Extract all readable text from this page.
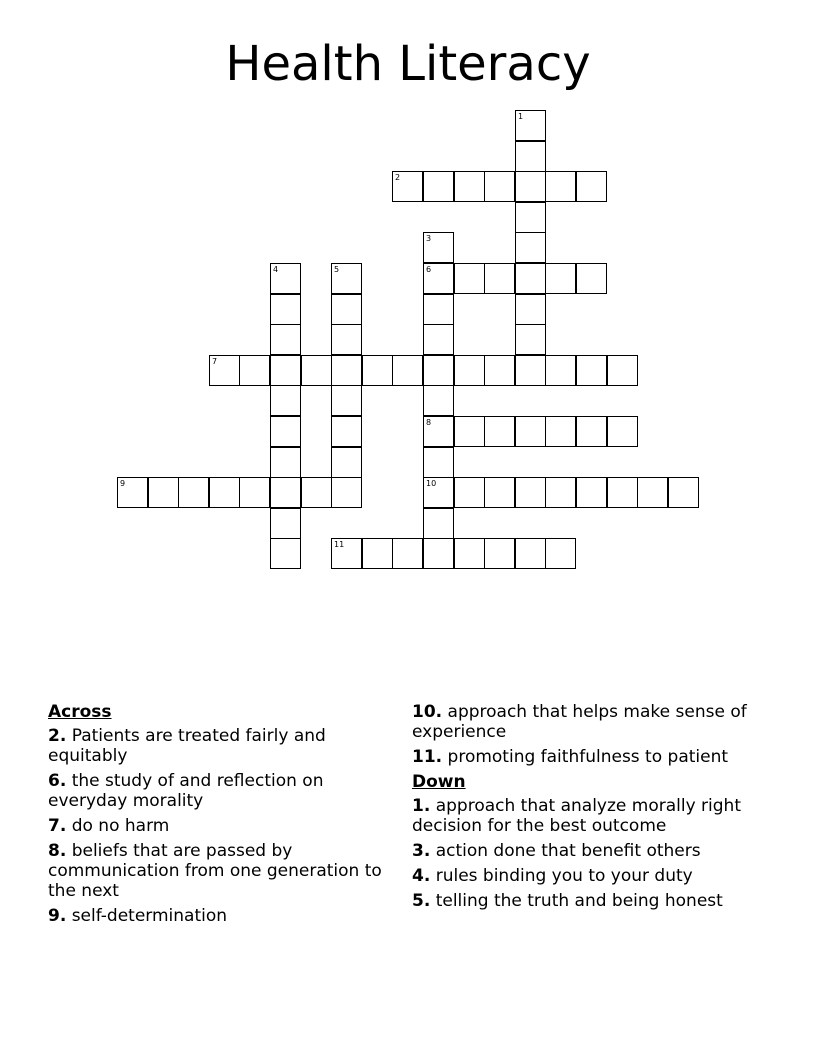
Health Literacy
1
2
3
6
8
10
4	5
7
9
11
Across
2. Patients are treated fairly and equitably
6. the study of and reflection on everyday morality
7. do no harm
8. beliefs that are passed by communication from one generation to the next
9. self-determination
10. approach that helps make sense of experience
11. promoting faithfulness to patient
Down
1. approach that analyze morally right decision for the best outcome
3. action done that benefit others
4. rules binding you to your duty
5. telling the truth and being honest
